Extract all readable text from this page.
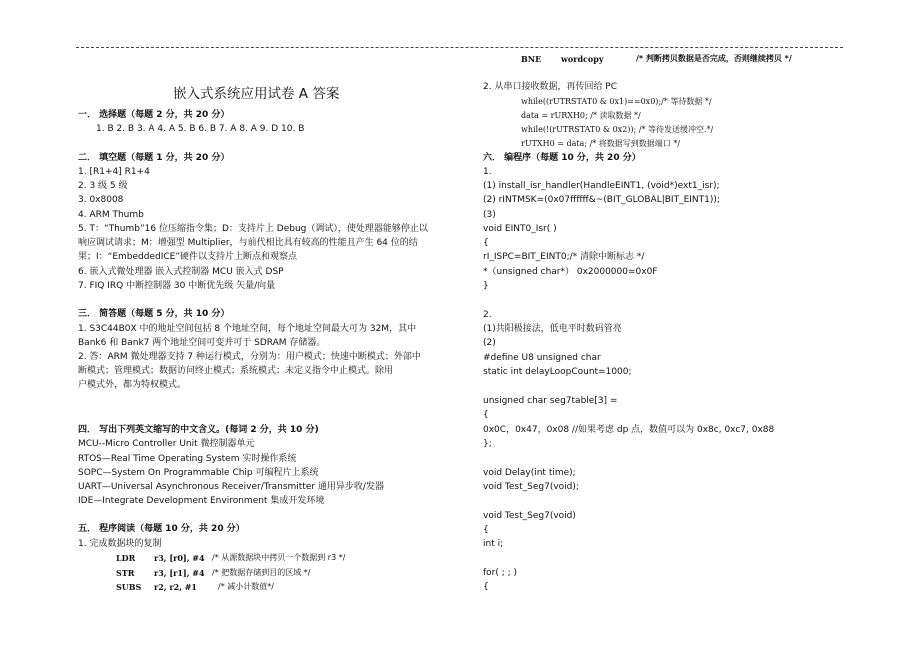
嵌入式系统应用试卷 A 答案
一． 选择题（每题 2 分，共 20 分）
1. B 2. B 3. A 4. A 5. B 6. B 7. A 8. A 9. D 10. B
二． 填空题（每题 1 分，共 20 分）
1. [R1+4] R1+4
2. 3 级 5 级
3. 0x8008
4. ARM Thumb
5. T：“Thumb”16 位压缩指令集；D：支持片上 Debug（调试），使处理器能够停止以
响应调试请求；M：增强型 Multiplier，与前代相比具有较高的性能且产生 64 位的结
果；I：“EmbeddedICE”硬件以支持片上断点和观察点
6. 嵌入式微处理器 嵌入式控制器 MCU 嵌入式 DSP
7. FIQ IRQ 中断控制器 30 中断优先级 矢量/向量
三． 简答题（每题 5 分，共 10 分）
1. S3C44B0X 中的地址空间包括 8 个地址空间，每个地址空间最大可为 32M，其中
Bank6 和 Bank7 两个地址空间可变并可于 SDRAM 存储器。
2. 答：ARM 微处理器支持 7 种运行模式，分别为：用户模式；快速中断模式；外部中
断模式；管理模式；数据访问终止模式；系统模式；未定义指令中止模式。除用
户模式外，都为特权模式。
四． 写出下列英文缩写的中文含义。(每词 2 分，共 10 分)
MCU--Micro Controller Unit 微控制器单元
RTOS—Real Time Operating System 实时操作系统
SOPC—System On Programmable Chip 可编程片上系统
UART—Universal Asynchronous Receiver/Transmitter 通用异步收/发器
IDE—Integrate Development Environment 集成开发环境
五． 程序阅读（每题 10 分，共 20 分）
1. 完成数据块的复制
LDR r3, [r0], #4 /* 从源数据块中拷贝一个数据到 r3 */
STR r3, [r1], #4 /* 把数据存储到目的区域 */
SUBS r2, r2, #1	/* 减小计数值*/
BNE wordcopy	/* 判断拷贝数据是否完成，否则继续拷贝 */
2. 从串口接收数据，再传回给 PC
while((rUTRSTAT0 & 0x1)==0x0);/* 等待数据 */
data = rURXH0; /* 读取数据 */
while(!(rUTRSTAT0 & 0x2)); /* 等待发送缓冲空.*/
rUTXH0 = data; /* 将数据写到数据端口 */
六． 编程序（每题 10 分，共 20 分）
1.
(1) install_isr_handler(HandleEINT1, (void*)ext1_isr);
(2) rINTMSK=(0x07ffffff&~(BIT_GLOBAL|BIT_EINT1));
(3)
void EINT0_Isr( )
{
rI_ISPC=BIT_EINT0;/* 清除中断标志 */
*（unsigned char*） 0x2000000=0x0F
}
2.
(1)共阳极接法，低电平时数码管亮
(2)
#define U8 unsigned char
static int delayLoopCount=1000;
unsigned char seg7table[3] =
{
0x0C，0x47，0x08 //如果考虑 dp 点，数值可以为 0x8c, 0xc7, 0x88
};
void Delay(int time);
void Test_Seg7(void);
void Test_Seg7(void)
{
int i;
for( ; ; )
{
